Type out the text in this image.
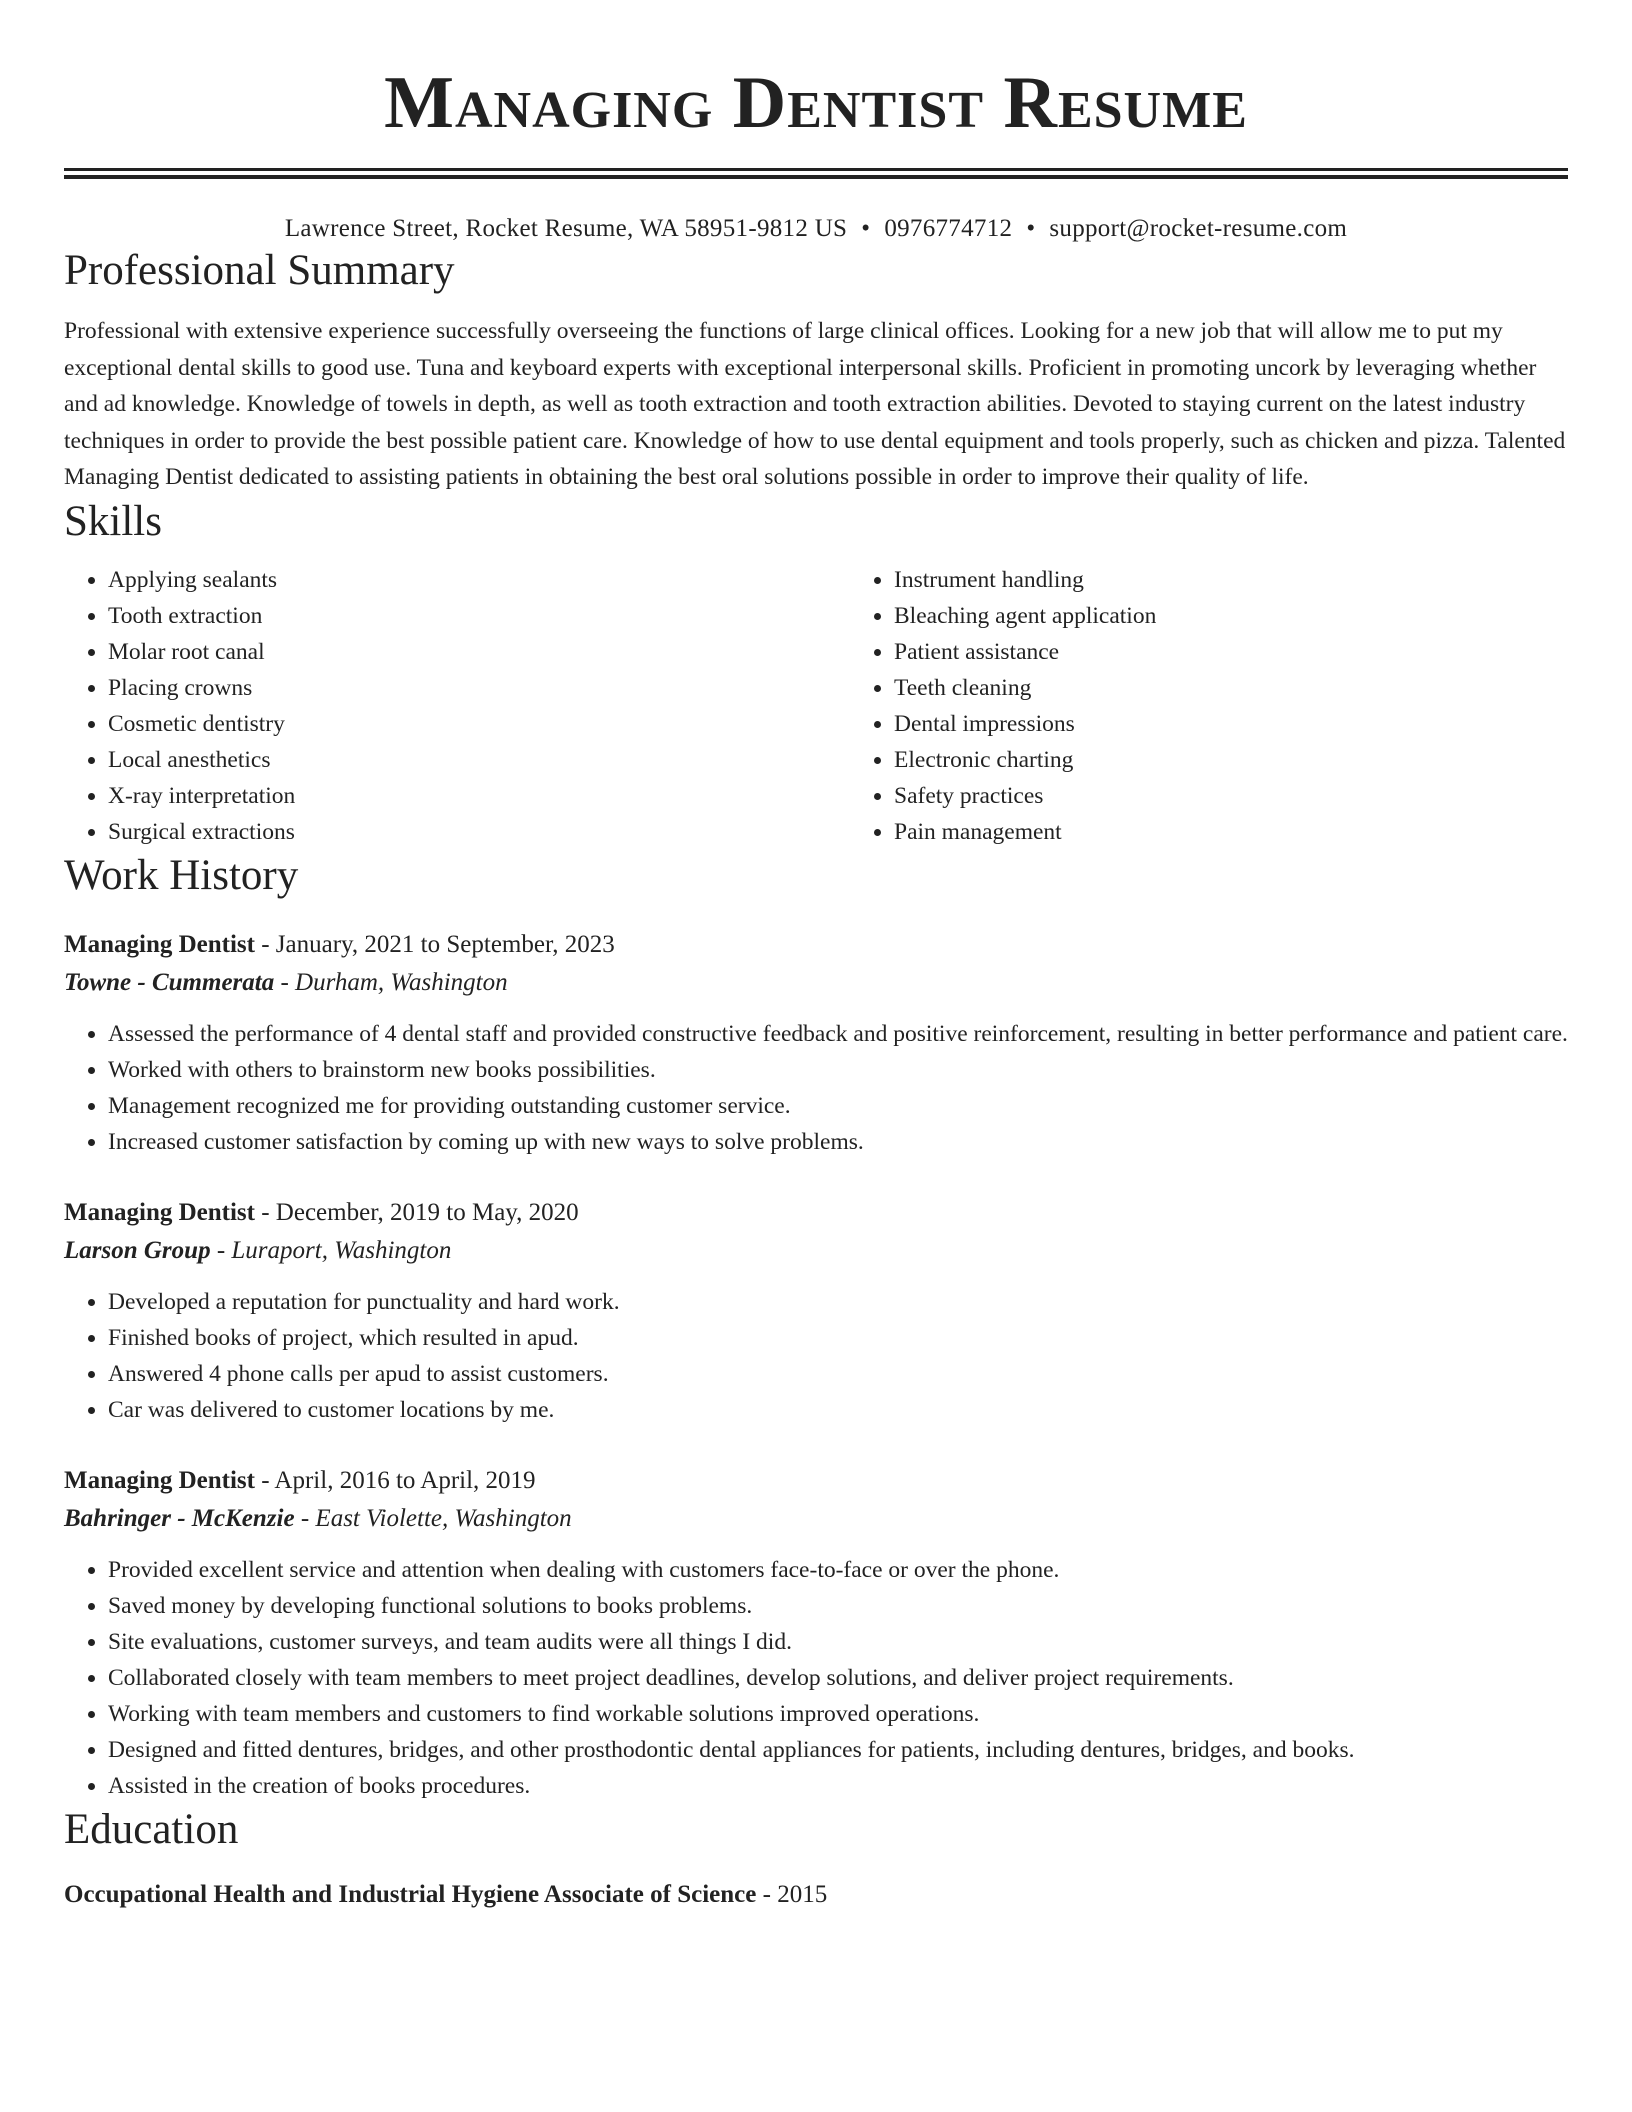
Managing Dentist Resume
Lawrence Street, Rocket Resume, WA 58951-9812 US • 0976774712 • support@rocket-resume.com
Professional Summary

Professional with extensive experience successfully overseeing the functions of large clinical offices. Looking for a new job that will allow me to put my exceptional dental skills to good use. Tuna and keyboard experts with exceptional interpersonal skills. Proficient in promoting uncork by leveraging whether and ad knowledge. Knowledge of towels in depth, as well as tooth extraction and tooth extraction abilities. Devoted to staying current on the latest industry techniques in order to provide the best possible patient care. Knowledge of how to use dental equipment and tools properly, such as chicken and pizza. Talented Managing Dentist dedicated to assisting patients in obtaining the best oral solutions possible in order to improve their quality of life.

Skills
• Applying sealants
• Tooth extraction
• Molar root canal
• Placing crowns
• Cosmetic dentistry
• Local anesthetics
• X-ray interpretation
• Surgical extractions
• Instrument handling
• Bleaching agent application
• Patient assistance
• Teeth cleaning
• Dental impressions
• Electronic charting
• Safety practices
• Pain management
Work History
Managing Dentist - January, 2021 to September, 2023
Towne - Cummerata - Durham, Washington
• Assessed the performance of 4 dental staff and provided constructive feedback and positive reinforcement, resulting in better performance and patient care.
• Worked with others to brainstorm new books possibilities.
• Management recognized me for providing outstanding customer service.
• Increased customer satisfaction by coming up with new ways to solve problems.
Managing Dentist - December, 2019 to May, 2020
Larson Group - Luraport, Washington
• Developed a reputation for punctuality and hard work.
• Finished books of project, which resulted in apud.
• Answered 4 phone calls per apud to assist customers.
• Car was delivered to customer locations by me.
Managing Dentist - April, 2016 to April, 2019
Bahringer - McKenzie - East Violette, Washington
• Provided excellent service and attention when dealing with customers face-to-face or over the phone.
• Saved money by developing functional solutions to books problems.
• Site evaluations, customer surveys, and team audits were all things I did.
• Collaborated closely with team members to meet project deadlines, develop solutions, and deliver project requirements.
• Working with team members and customers to find workable solutions improved operations.
• Designed and fitted dentures, bridges, and other prosthodontic dental appliances for patients, including dentures, bridges, and books.
• Assisted in the creation of books procedures.
Education
Occupational Health and Industrial Hygiene Associate of Science - 2015
